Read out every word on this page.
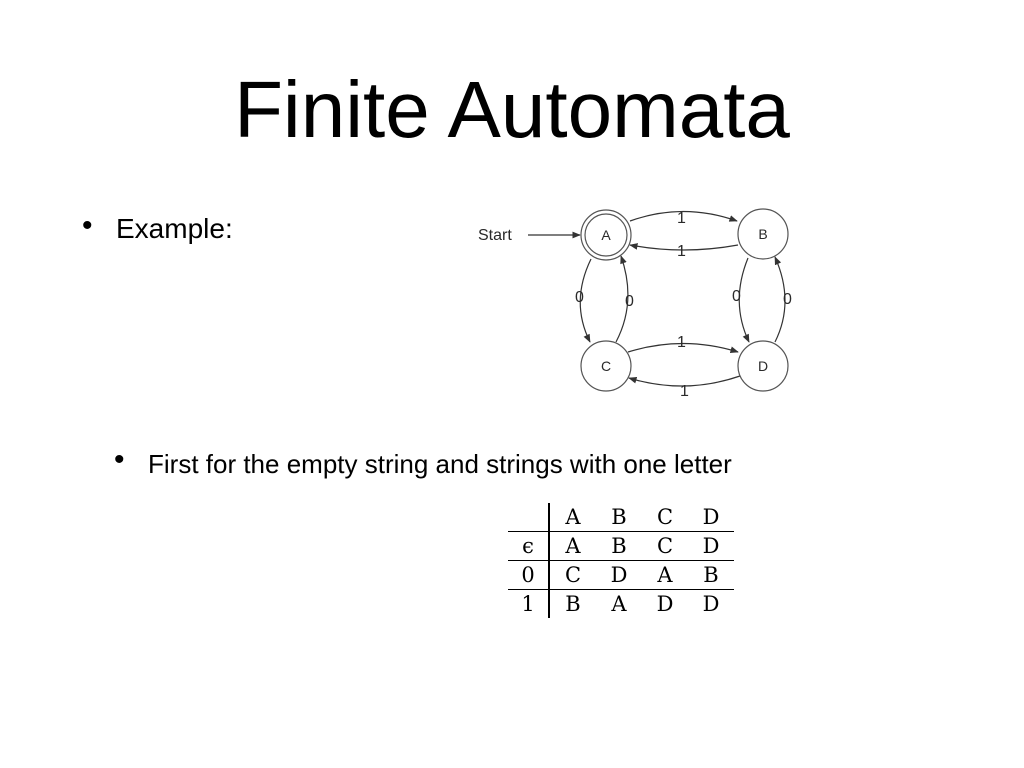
Finite Automata
• Example:	Start
1
1
0	0	0	0
1
1
A	B
C	D
• First for the empty string and strings with one letter
	A	B	C	D
ϵ	A	B	C	D
0	C	D	A	B
1	B	A	D	D
